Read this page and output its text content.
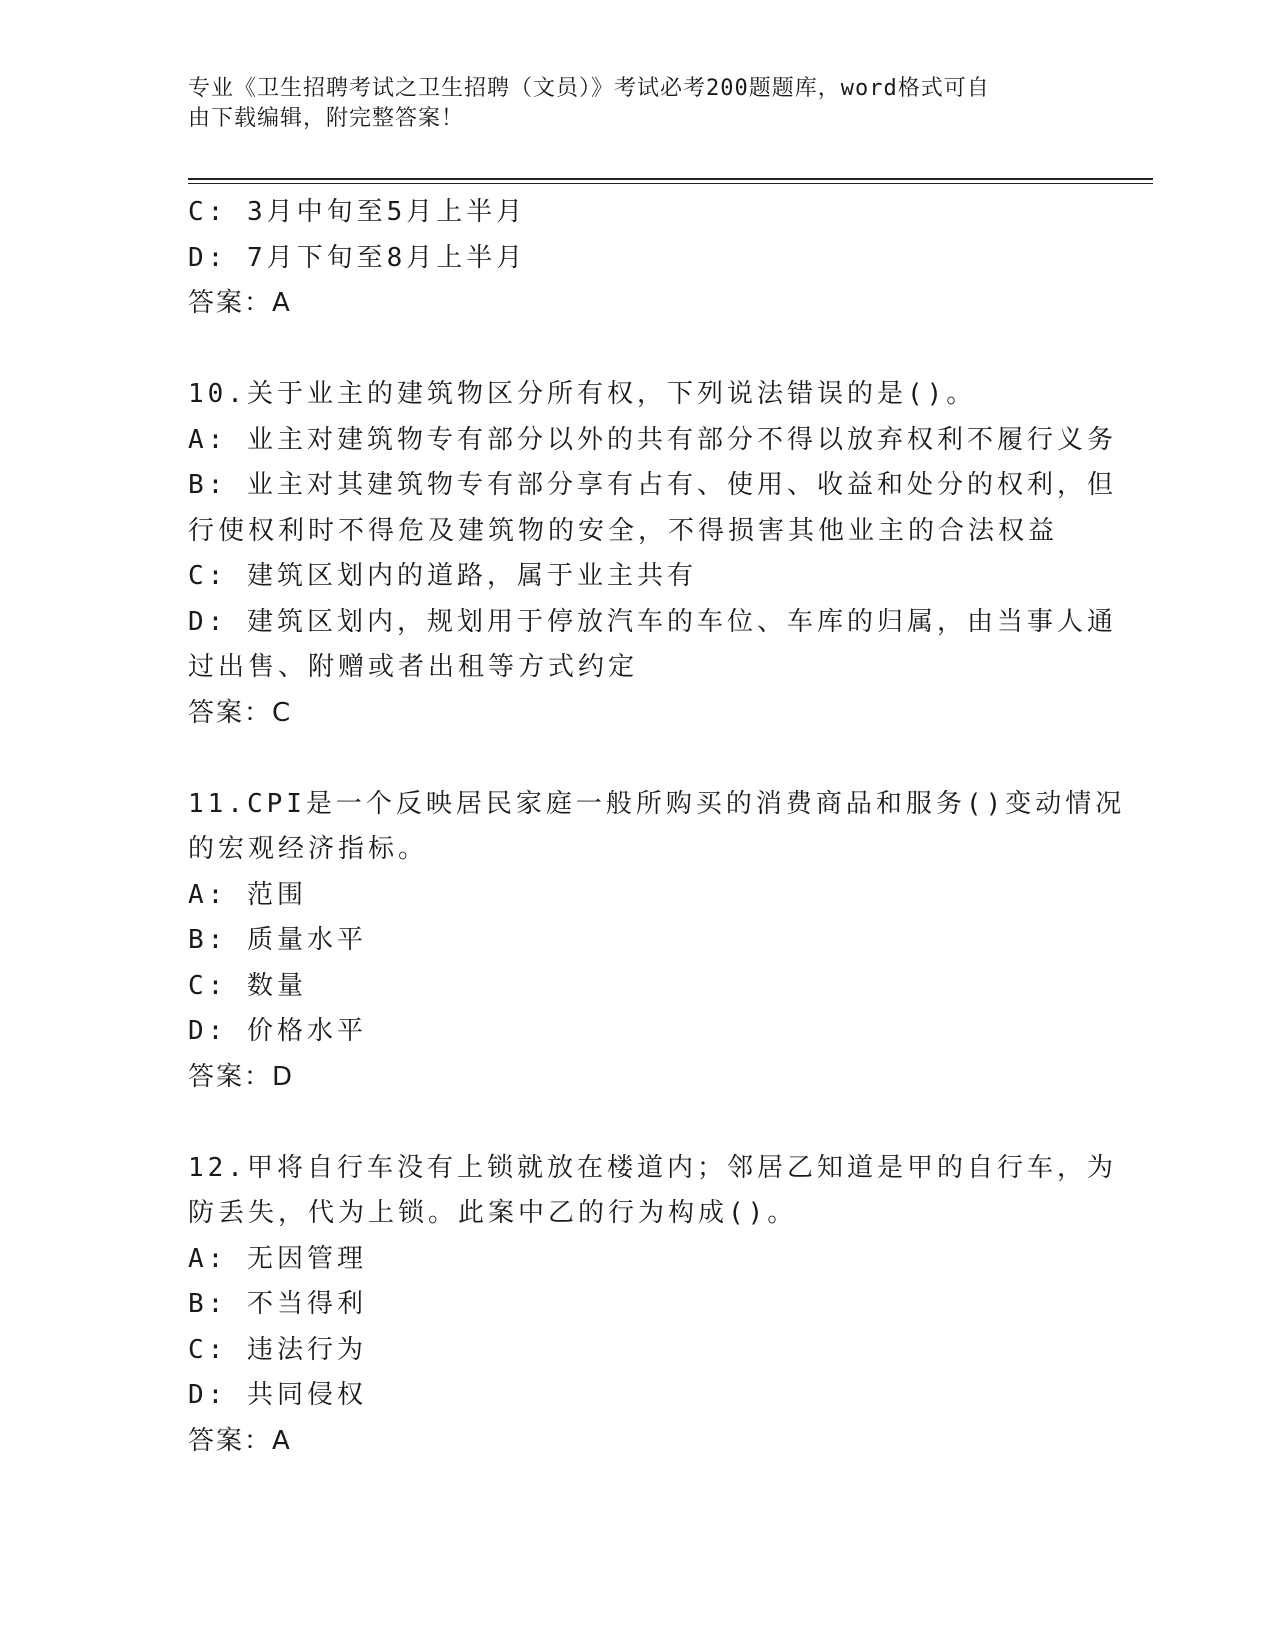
专业《卫生招聘考试之卫生招聘（文员）》考试必考200题题库，word格式可自
由下载编辑，附完整答案！
C: 3月中旬至5月上半月
D: 7月下旬至8月上半月
答案：A
10.关于业主的建筑物区分所有权，下列说法错误的是()。
A: 业主对建筑物专有部分以外的共有部分不得以放弃权利不履行义务
B: 业主对其建筑物专有部分享有占有、使用、收益和处分的权利，但
行使权利时不得危及建筑物的安全，不得损害其他业主的合法权益
C: 建筑区划内的道路，属于业主共有
D: 建筑区划内，规划用于停放汽车的车位、车库的归属，由当事人通
过出售、附赠或者出租等方式约定
答案：C
11.CPI是一个反映居民家庭一般所购买的消费商品和服务()变动情况
的宏观经济指标。
A: 范围
B: 质量水平
C: 数量
D: 价格水平
答案：D
12.甲将自行车没有上锁就放在楼道内；邻居乙知道是甲的自行车，为
防丢失，代为上锁。此案中乙的行为构成()。
A: 无因管理
B: 不当得利
C: 违法行为
D: 共同侵权
答案：A
